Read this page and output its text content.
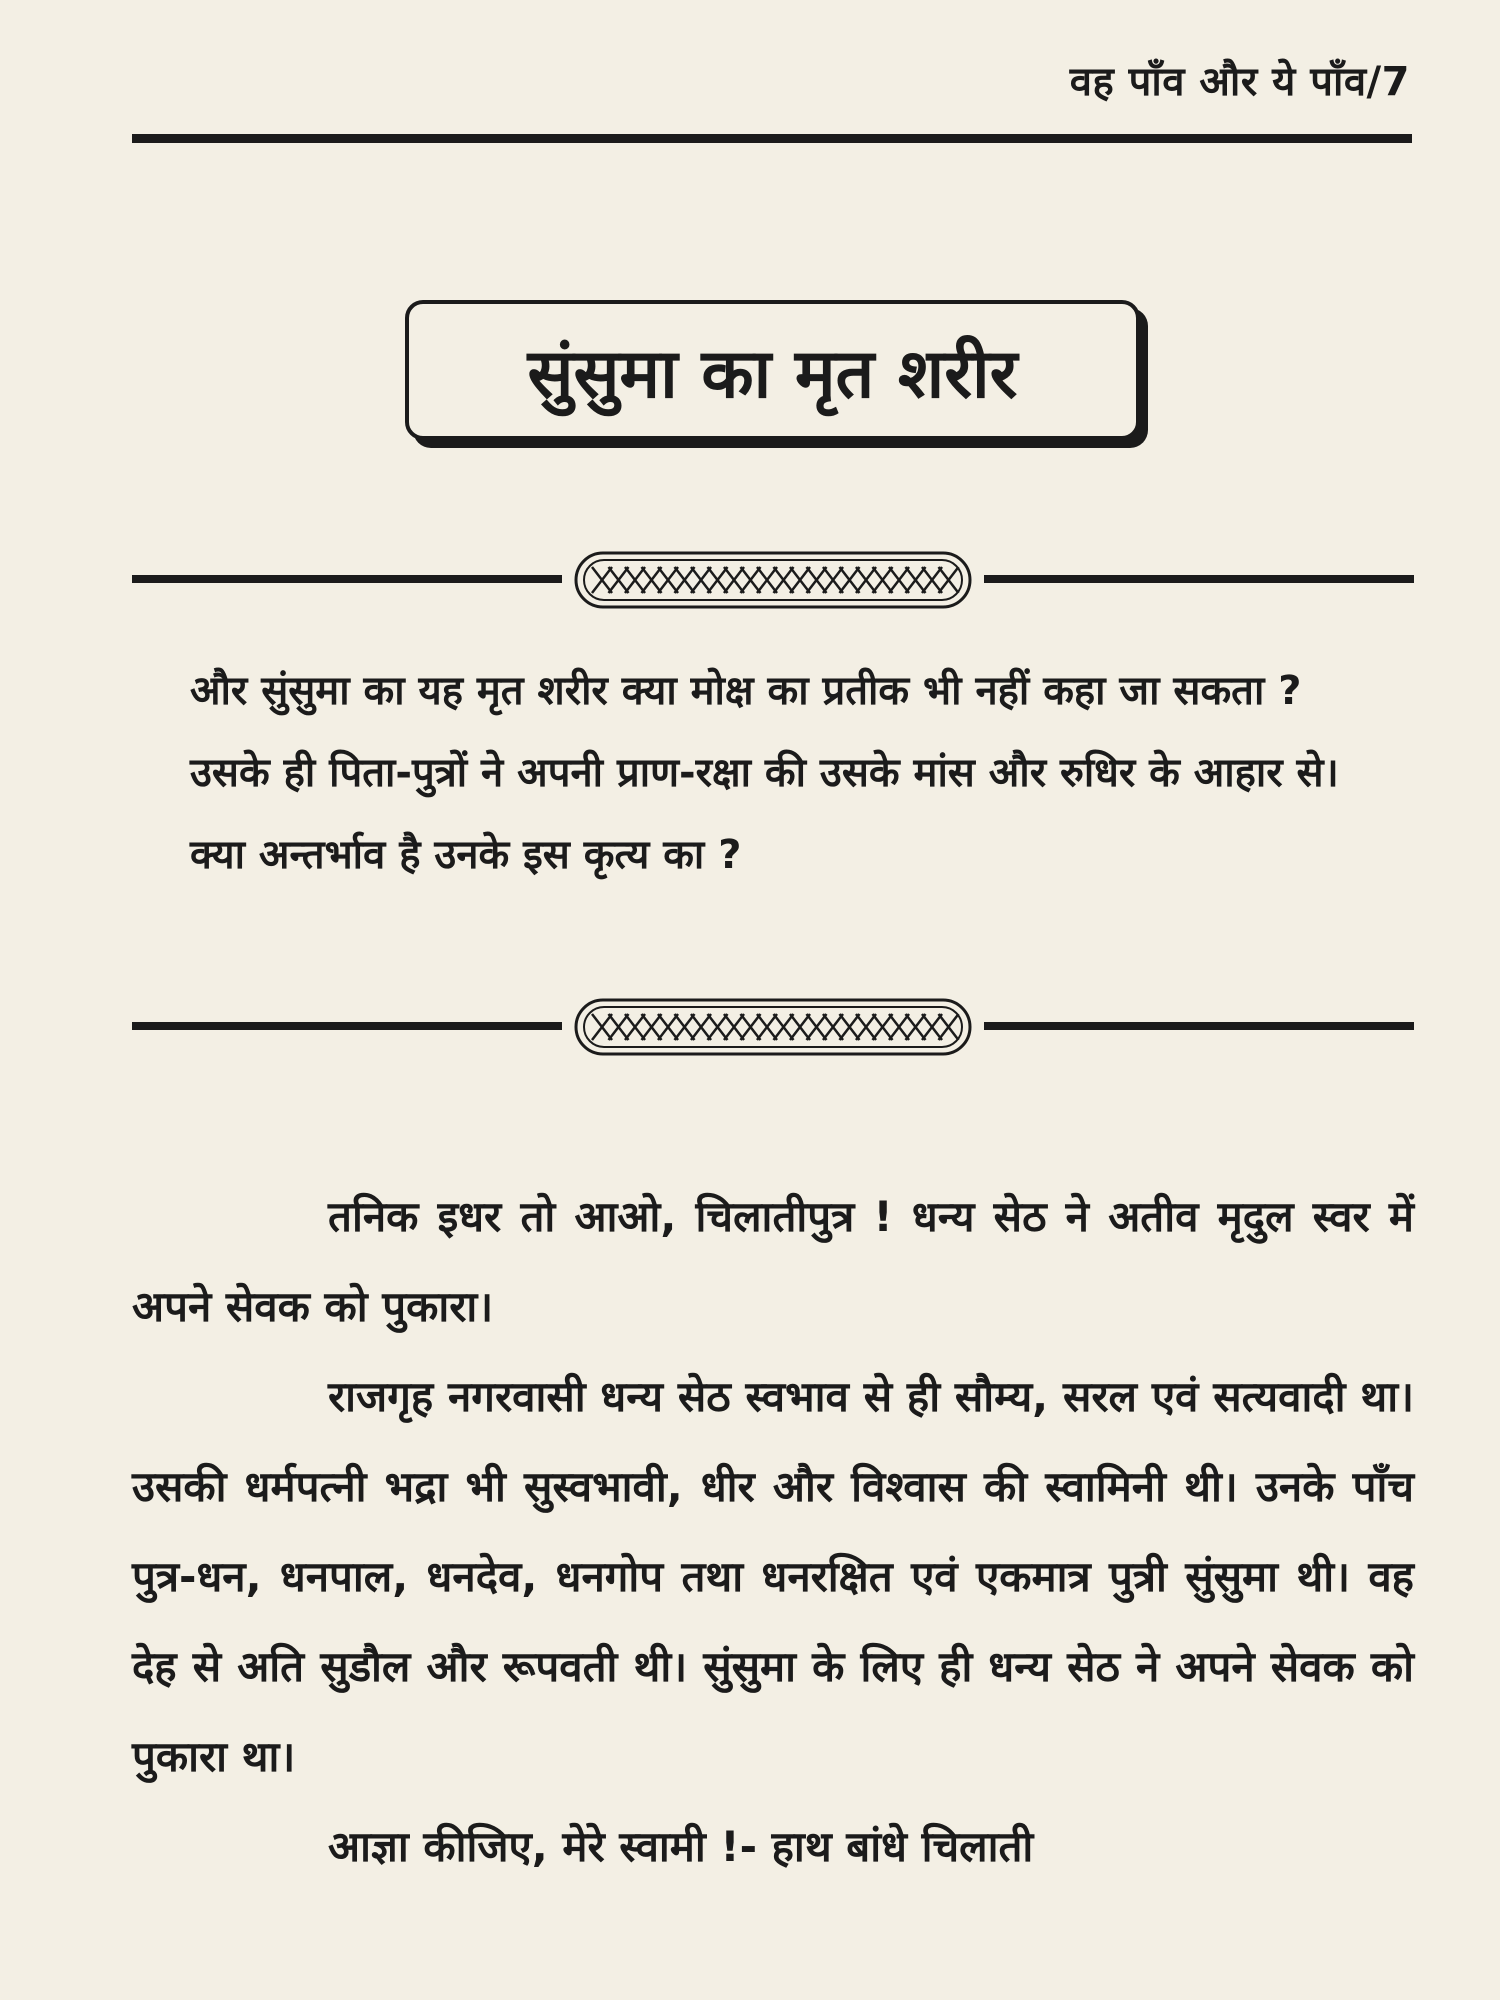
वह पाँव और ये पाँव/7
सुंसुमा का मृत शरीर
और सुंसुमा का यह मृत शरीर क्या मोक्ष का प्रतीक भी नहीं कहा जा सकता ? उसके ही पिता-पुत्रों ने अपनी प्राण-रक्षा की उसके मांस और रुधिर के आहार से। क्या अन्तर्भाव है उनके इस कृत्य का ?

तनिक इधर तो आओ, चिलातीपुत्र ! धन्य सेठ ने अतीव मृदुल स्वर में अपने सेवक को पुकारा।

राजगृह नगरवासी धन्य सेठ स्वभाव से ही सौम्य, सरल एवं सत्यवादी था। उसकी धर्मपत्नी भद्रा भी सुस्वभावी, धीर और विश्वास की स्वामिनी थी। उनके पाँच पुत्र-धन, धनपाल, धनदेव, धनगोप तथा धनरक्षित एवं एकमात्र पुत्री सुंसुमा थी। वह देह से अति सुडौल और रूपवती थी। सुंसुमा के लिए ही धन्य सेठ ने अपने सेवक को पुकारा था।

आज्ञा कीजिए, मेरे स्वामी !- हाथ बांधे चिलाती
